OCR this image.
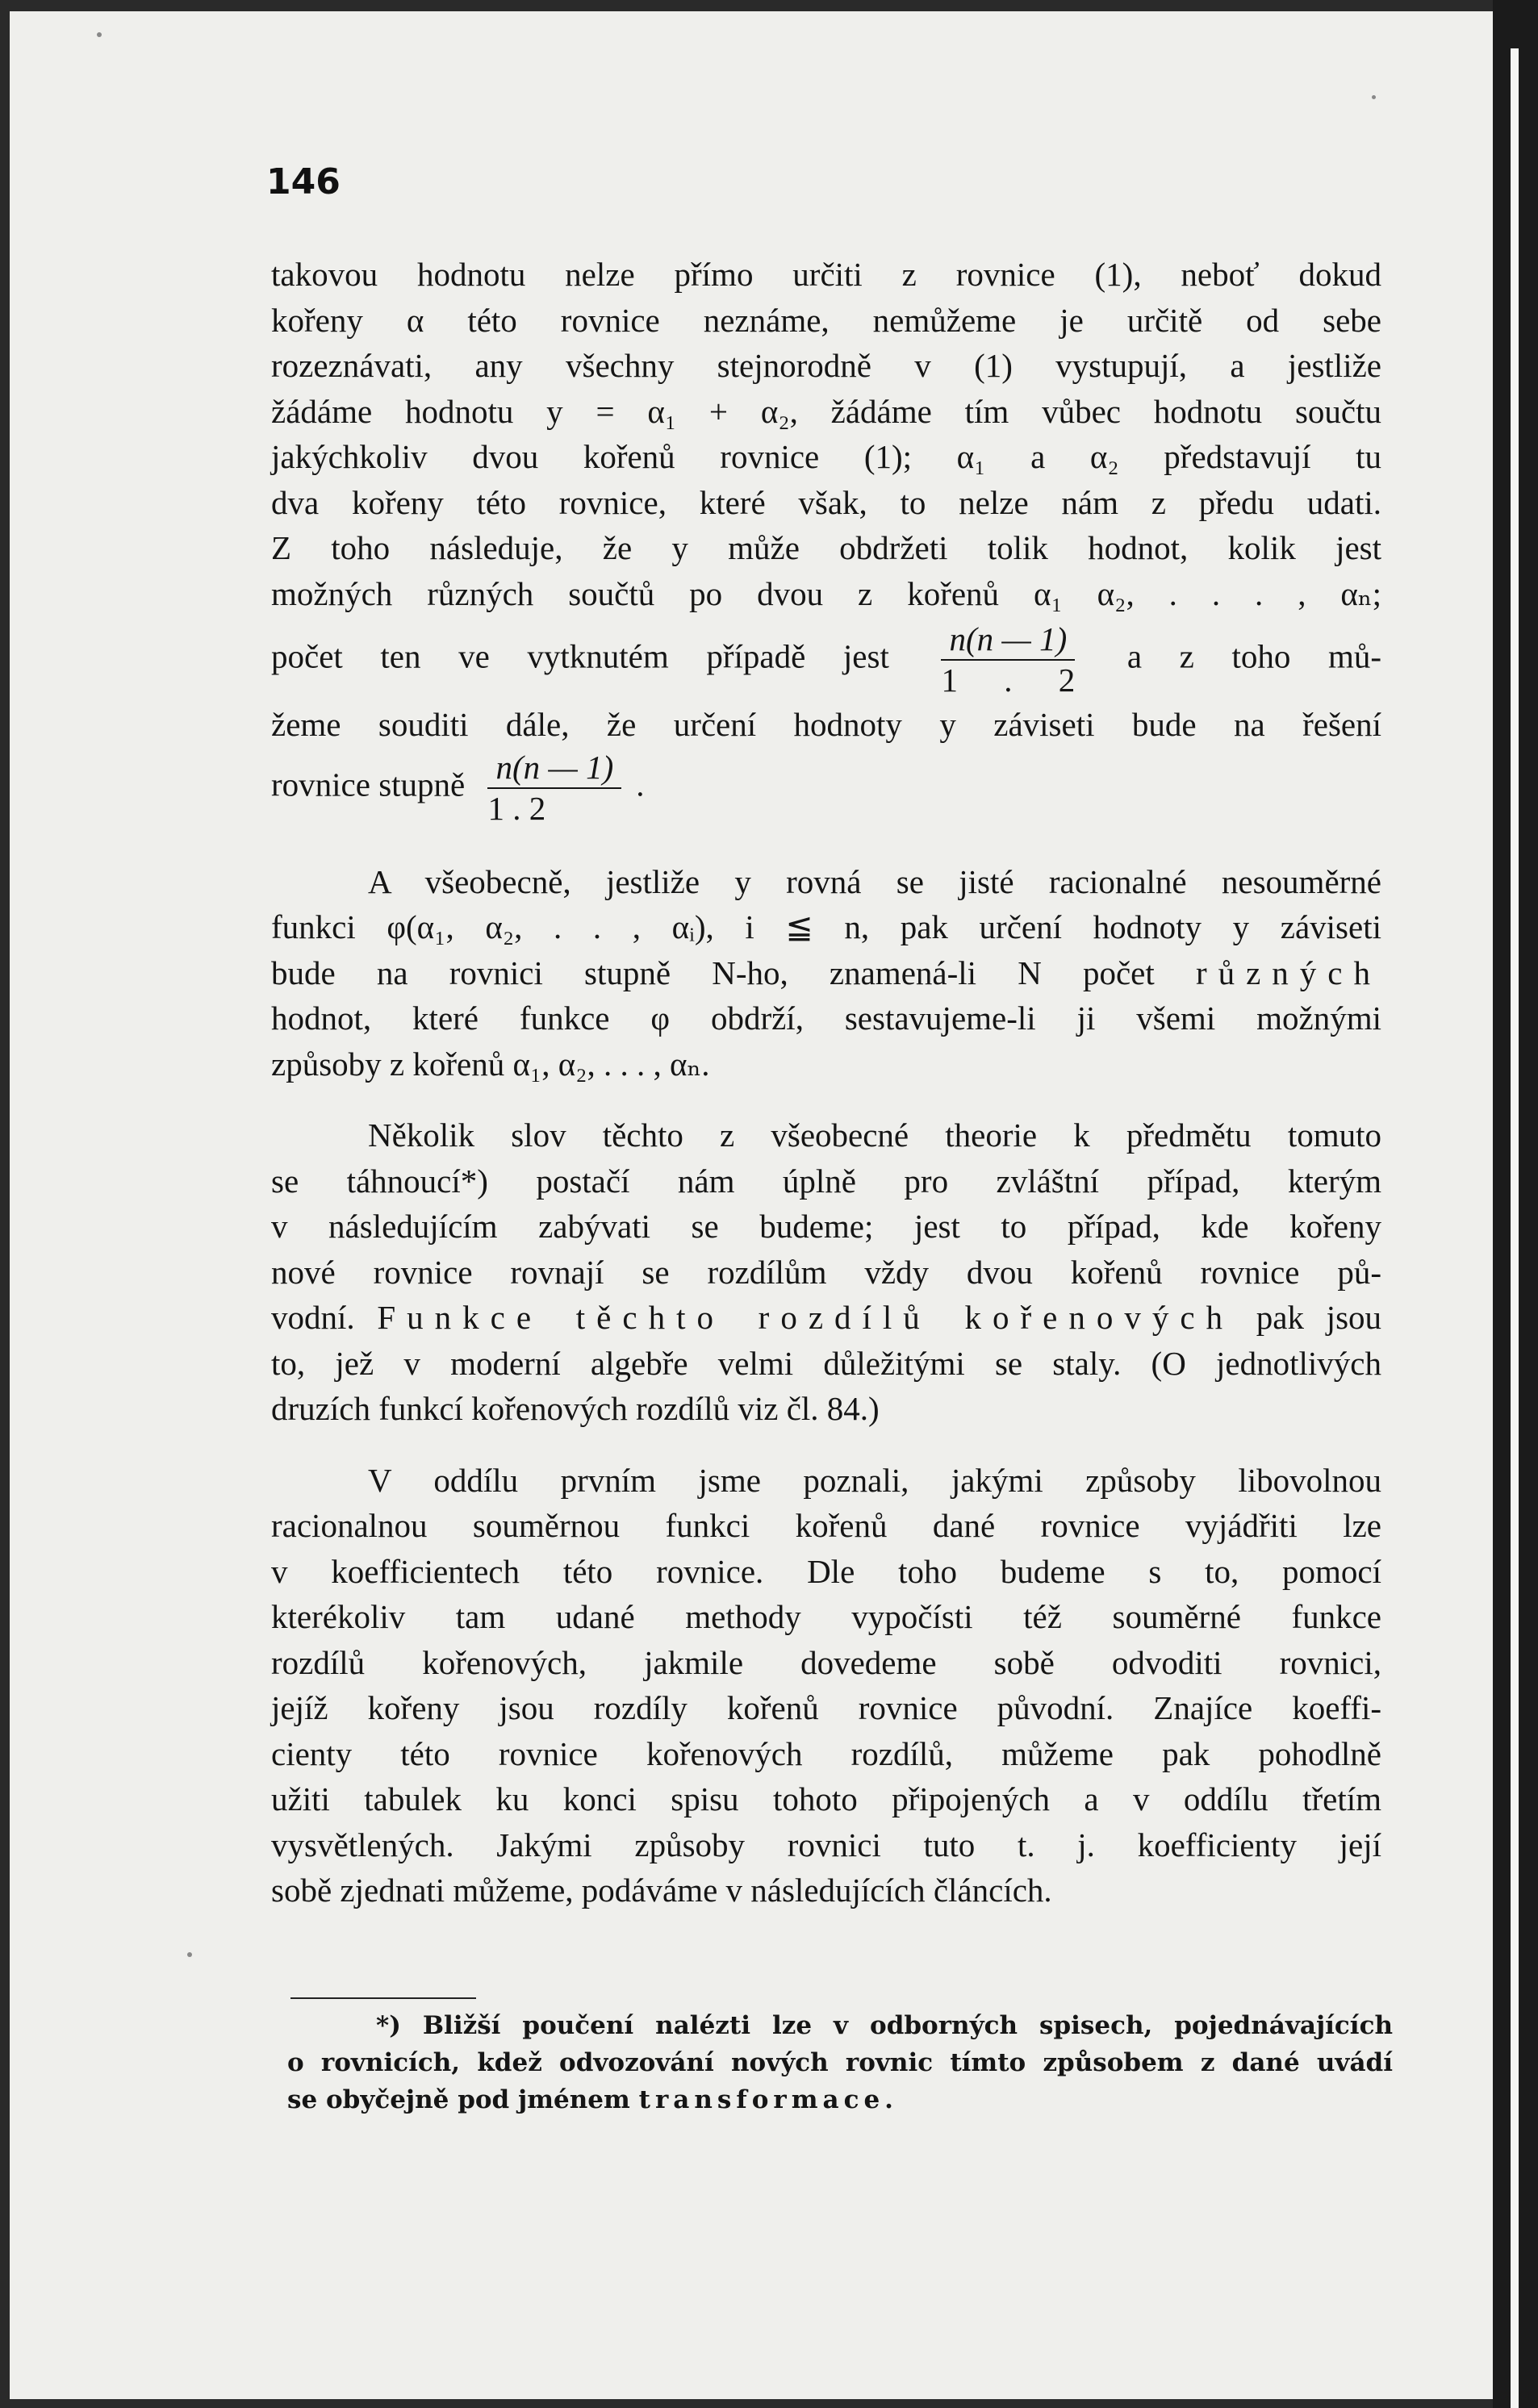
146

takovou hodnotu nelze přímo určiti z rovnice (1), neboť dokud

kořeny α této rovnice neznáme, nemůžeme je určitě od sebe

rozeznávati, any všechny stejnorodně v (1) vystupují, a jestliže

žádáme hodnotu y = α₁ + α₂, žádáme tím vůbec hodnotu součtu

jakýchkoliv dvou kořenů rovnice (1); α₁ a α₂ představují tu

dva kořeny této rovnice, které však, to nelze nám z předu udati.

Z toho následuje, že y může obdržeti tolik hodnot, kolik jest

možných různých součtů po dvou z kořenů α₁ α₂, . . . , αₙ;

počet ten ve vytknutém případě jest $\frac{n(n — 1)}{1 . 2}$ a z toho mů-

žeme souditi dále, že určení hodnoty y záviseti bude na řešení

rovnice stupně $\frac{n(n — 1)}{1 . 2}$ .

A všeobecně, jestliže y rovná se jisté racionalné nesouměrné

funkci φ(α₁, α₂, . . , αᵢ), i ≦ n, pak určení hodnoty y záviseti

bude na rovnici stupně N-ho, znamená-li N počet různých

hodnot, které funkce φ obdrží, sestavujeme-li ji všemi možnými

způsoby z kořenů α₁, α₂, . . . , αₙ.

Několik slov těchto z všeobecné theorie k předmětu tomuto

se táhnoucí*) postačí nám úplně pro zvláštní případ, kterým

v následujícím zabývati se budeme; jest to případ, kde kořeny

nové rovnice rovnají se rozdílům vždy dvou kořenů rovnice pů-

vodní. Funkce těchto rozdílů kořenových pak jsou

to, jež v moderní algebře velmi důležitými se staly. (O jednotlivých

druzích funkcí kořenových rozdílů viz čl. 84.)

V oddílu prvním jsme poznali, jakými způsoby libovolnou

racionalnou souměrnou funkci kořenů dané rovnice vyjádřiti lze

v koefficientech této rovnice. Dle toho budeme s to, pomocí

kterékoliv tam udané methody vypočísti též souměrné funkce

rozdílů kořenových, jakmile dovedeme sobě odvoditi rovnici,

jejíž kořeny jsou rozdíly kořenů rovnice původní. Znajíce koeffi-

cienty této rovnice kořenových rozdílů, můžeme pak pohodlně

užiti tabulek ku konci spisu tohoto připojených a v oddílu třetím

vysvětlených. Jakými způsoby rovnici tuto t. j. koefficienty její

sobě zjednati můžeme, podáváme v následujících článcích.

*) Bližší poučení nalézti lze v odborných spisech, pojednávajících

o rovnicích, kdež odvozování nových rovnic tímto způsobem z dané uvádí

se obyčejně pod jménem transformace.
